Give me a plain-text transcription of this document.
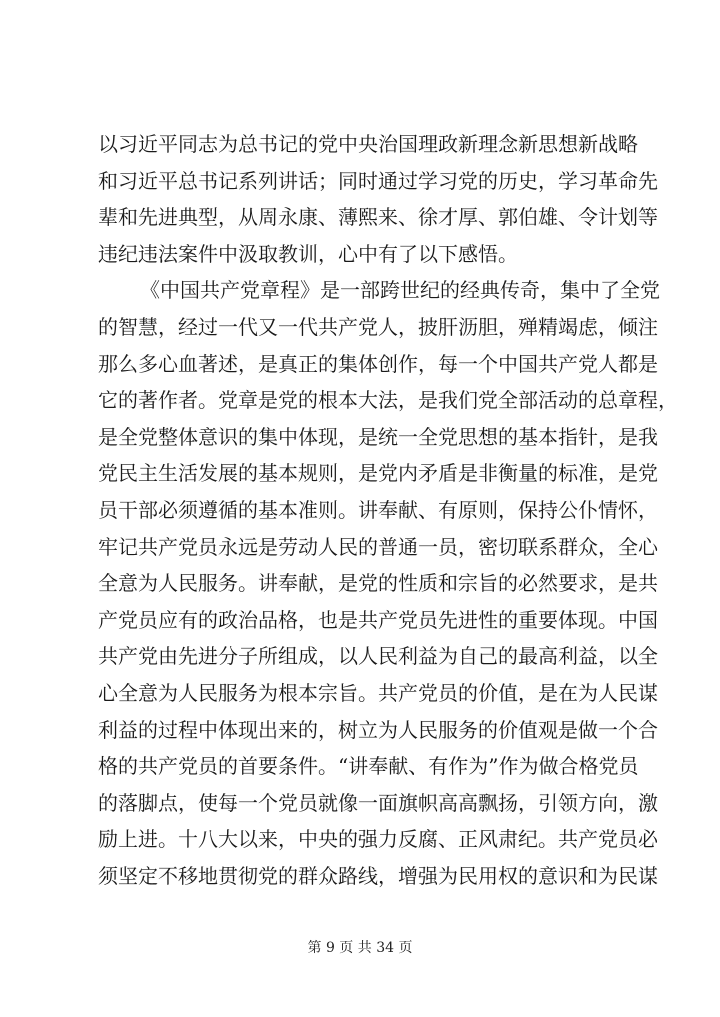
以习近平同志为总书记的党中央治国理政新理念新思想新战略
和习近平总书记系列讲话；同时通过学习党的历史，学习革命先
辈和先进典型，从周永康、薄熙来、徐才厚、郭伯雄、令计划等
违纪违法案件中汲取教训，心中有了以下感悟。
《中国共产党章程》是一部跨世纪的经典传奇，集中了全党
的智慧，经过一代又一代共产党人，披肝沥胆，殚精竭虑，倾注
那么多心血著述，是真正的集体创作，每一个中国共产党人都是
它的著作者。党章是党的根本大法，是我们党全部活动的总章程，
是全党整体意识的集中体现，是统一全党思想的基本指针，是我
党民主生活发展的基本规则，是党内矛盾是非衡量的标准，是党
员干部必须遵循的基本准则。讲奉献、有原则，保持公仆情怀，
牢记共产党员永远是劳动人民的普通一员，密切联系群众，全心
全意为人民服务。讲奉献，是党的性质和宗旨的必然要求，是共
产党员应有的政治品格，也是共产党员先进性的重要体现。中国
共产党由先进分子所组成，以人民利益为自己的最高利益，以全
心全意为人民服务为根本宗旨。共产党员的价值，是在为人民谋
利益的过程中体现出来的，树立为人民服务的价值观是做一个合
格的共产党员的首要条件。“讲奉献、有作为”作为做合格党员
的落脚点，使每一个党员就像一面旗帜高高飘扬，引领方向，激
励上进。十八大以来，中央的强力反腐、正风肃纪。共产党员必
须坚定不移地贯彻党的群众路线，增强为民用权的意识和为民谋
第 9 页 共 34 页
